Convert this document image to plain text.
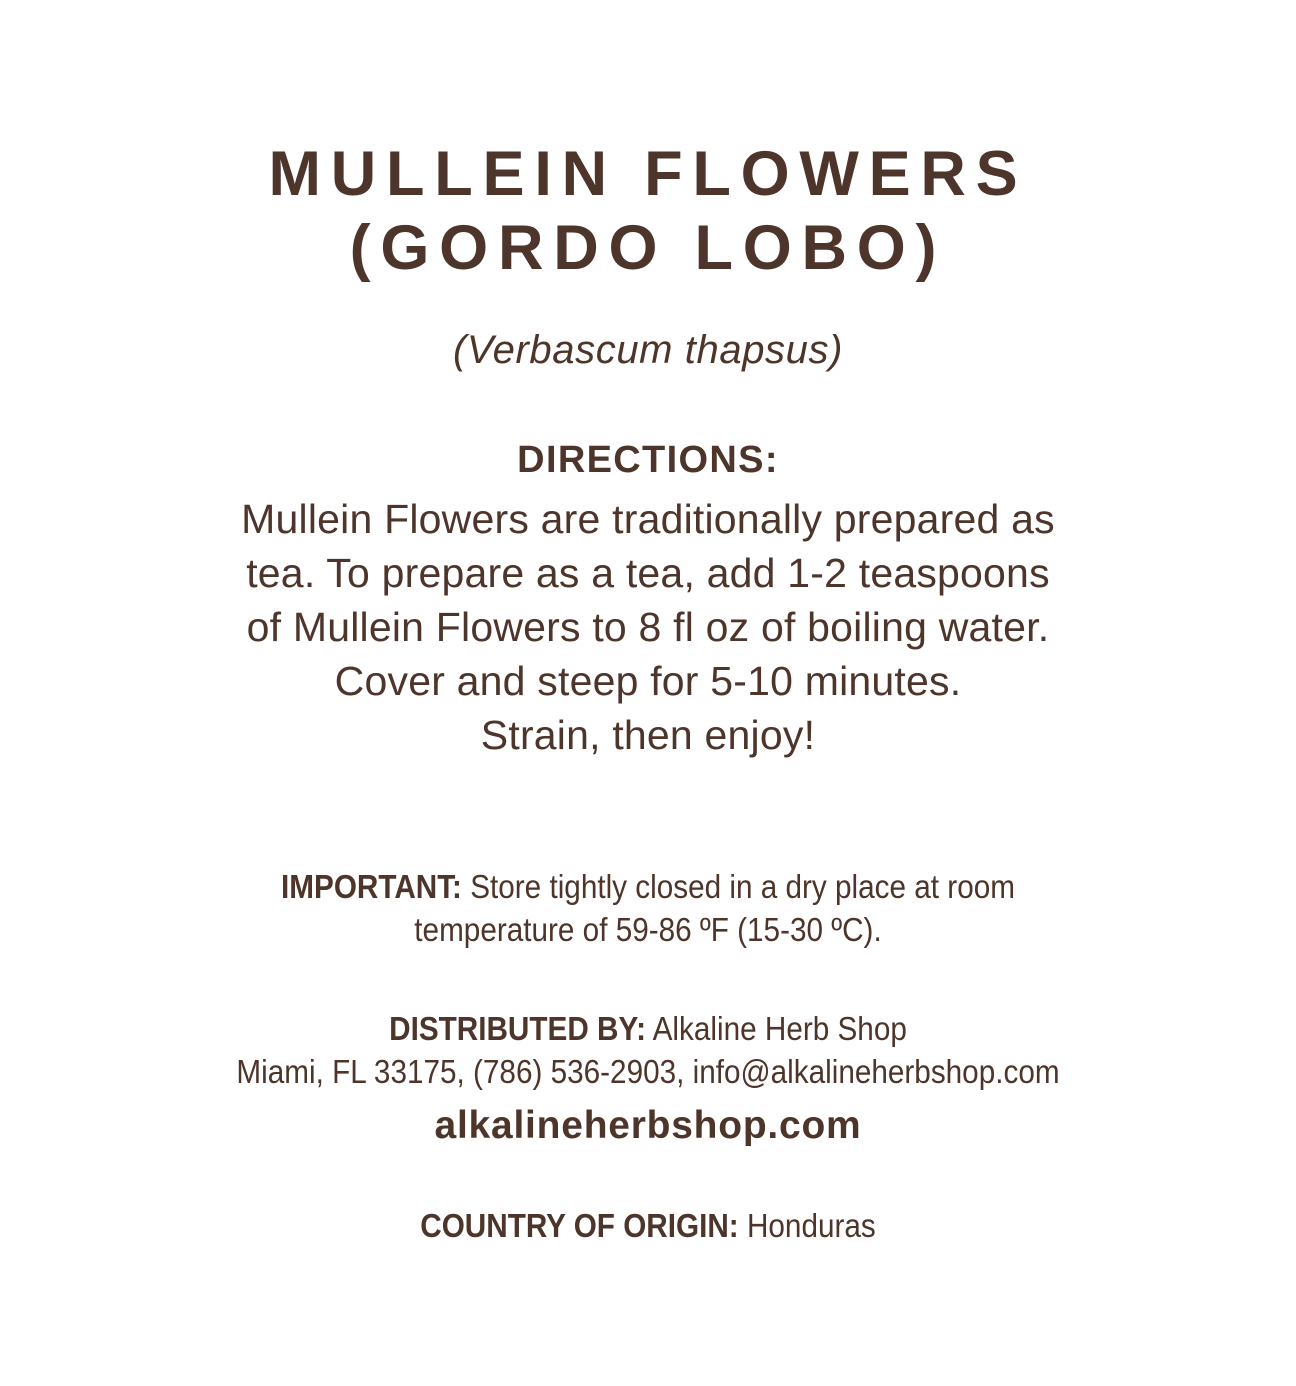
MULLEIN FLOWERS
(GORDO LOBO)
(Verbascum thapsus)
DIRECTIONS:
Mullein Flowers are traditionally prepared as
tea. To prepare as a tea, add 1-2 teaspoons
of Mullein Flowers to 8 fl oz of boiling water.
Cover and steep for 5-10 minutes.
Strain, then enjoy!
IMPORTANT: Store tightly closed in a dry place at room
temperature of 59-86 ºF (15-30 ºC).
DISTRIBUTED BY: Alkaline Herb Shop
Miami, FL 33175, (786) 536-2903, info@alkalineherbshop.com
alkalineherbshop.com
COUNTRY OF ORIGIN: Honduras
